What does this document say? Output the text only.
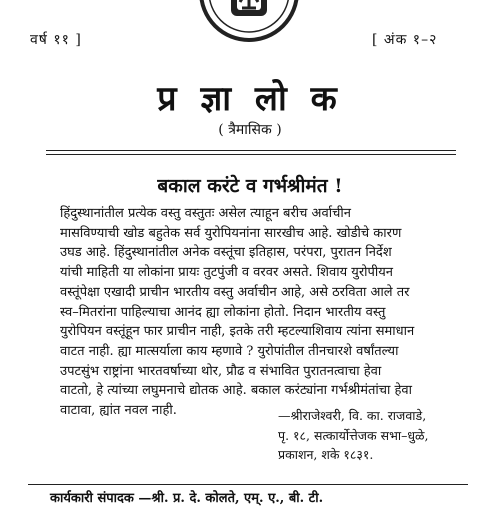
वर्ष ११ ]	[ अंक १–२
प्र ज्ञा लो क
( त्रैमासिक )
बकाल करंटे व गर्भश्रीमंत !
हिंदुस्थानांतील प्रत्येक वस्तु वस्तुतः असेल त्याहून बरीच अर्वाचीन
मासविण्याची खोड बहुतेक सर्व युरोपियनांना सारखीच आहे. खोडीचे कारण
उघड आहे. हिंदुस्थानांतील अनेक वस्तूंचा इतिहास, परंपरा, पुरातन निर्देश
यांची माहिती या लोकांना प्रायः तुटपुंजी व वरवर असते. शिवाय युरोपीयन
वस्तूंपेक्षा एखादी प्राचीन भारतीय वस्तु अर्वाचीन आहे, असे ठरविता आले तर
स्व–मितरांना पाहिल्याचा आनंद ह्या लोकांना होतो. निदान भारतीय वस्तु
युरोपियन वस्तूंहून फार प्राचीन नाही, इतके तरी म्हटल्याशिवाय त्यांना समाधान
वाटत नाही. ह्या मात्सर्याला काय म्हणावे ? युरोपांतील तीनचारशे वर्षांतल्या
उपटसुंभ राष्ट्रांना भारतवर्षाच्या थोर, प्रौढ व संभावित पुरातनत्वाचा हेवा
वाटतो, हे त्यांच्या लघुमनाचे द्योतक आहे. बकाल करंट्यांना गर्भश्रीमंतांचा हेवा
वाटावा, ह्यांत नवल नाही.	—श्रीराजेश्वरी, वि. का. राजवाडे,
पृ. १८, सत्कार्योत्तेजक सभा–धुळे,
प्रकाशन, शके १८३१.
कार्यकारी संपादक —श्री. प्र. दे. कोलते, एम्. ए., बी. टी.
